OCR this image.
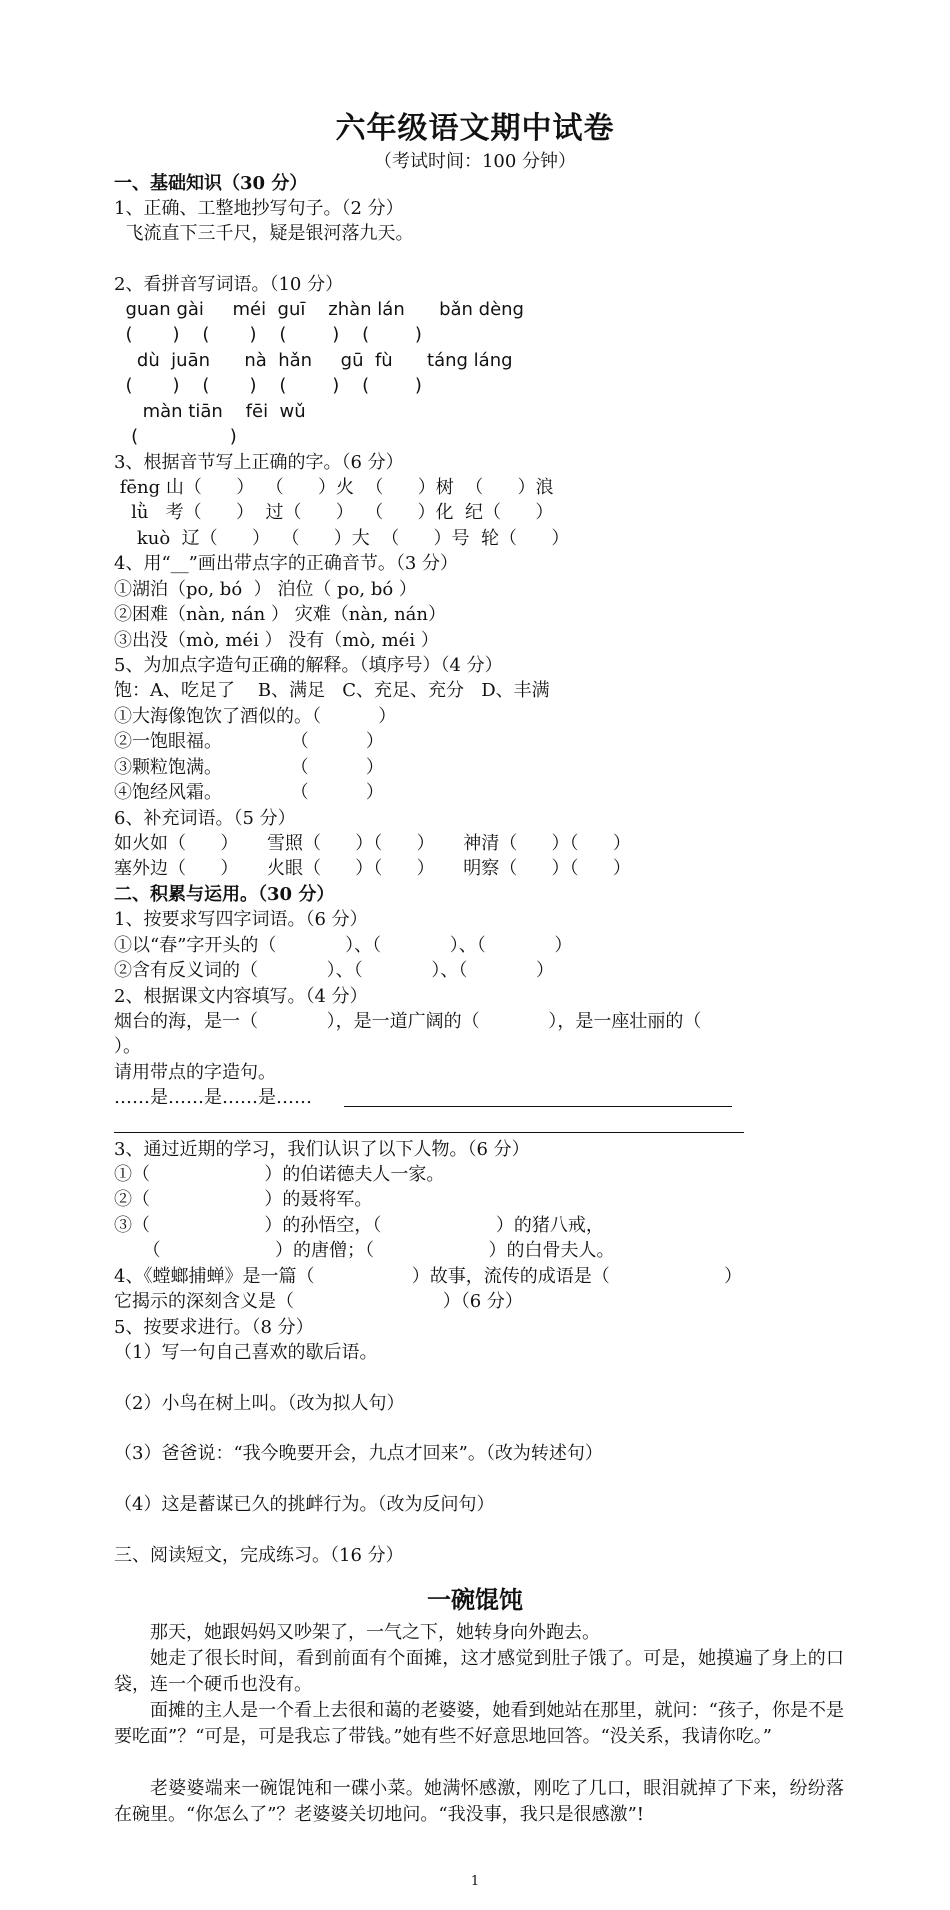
六年级语文期中试卷
（考试时间：100 分钟）
一、基础知识（30 分）
1、正确、工整地抄写句子。（2 分）
飞流直下三千尺，疑是银河落九天。
2、看拼音写词语。（10 分）
guan gài     méi  guī    zhàn lán      bǎn dèng
(       )    (       )    (        )    (        )
dù  juān      nà  hǎn     gū  fù      táng láng
(       )    (       )    (        )    (        )
màn tiān    fēi  wǔ
(                )
3、根据音节写上正确的字。（6 分）
fēng 山（      ）  （      ）火  （      ）树  （      ）浪
lǜ   考（      ）  过（      ）  （      ）化  纪（      ）
kuò  辽（      ）  （      ）大  （      ）号  轮（      ）
4、用“__”画出带点字的正确音节。（3 分）
①湖泊（po, bó  ） 泊位（ po, bó ）
②困难（nàn, nán ） 灾难（nàn, nán）
③出没（mò, méi ） 没有（mò, méi ）
5、为加点字造句正确的解释。（填序号）（4 分）
饱：A、吃足了    B、满足   C、充足、充分   D、丰满
①大海像饱饮了酒似的。（          ）
②一饱眼福。            （          ）
③颗粒饱满。            （          ）
④饱经风霜。            （          ）
6、补充词语。（5 分）
如火如（      ）     雪照（      ）（      ）     神清（      ）（      ）
塞外边（      ）     火眼（      ）（      ）     明察（      ）（      ）
二、积累与运用。（30 分）
1、按要求写四字词语。（6 分）
①以“春”字开头的（            ）、（            ）、（            ）
②含有反义词的（            ）、（            ）、（            ）
2、根据课文内容填写。（4 分）
烟台的海，是一（            ），是一道广阔的（            ），是一座壮丽的（
）。
请用带点的字造句。
……是……是……是……
3、通过近期的学习，我们认识了以下人物。（6 分）
①（                    ）的伯诺德夫人一家。
②（                    ）的聂将军。
③（                    ）的孙悟空，（                    ）的猪八戒，
（                    ）的唐僧；（                    ）的白骨夫人。
4、《螳螂捕蝉》是一篇（                 ）故事，流传的成语是（                    ）
它揭示的深刻含义是（                          ）（6 分）
5、按要求进行。（8 分）
（1）写一句自己喜欢的歇后语。
（2）小鸟在树上叫。（改为拟人句）
（3）爸爸说：“我今晚要开会，九点才回来”。（改为转述句）
（4）这是蓄谋已久的挑衅行为。（改为反问句）
三、阅读短文，完成练习。（16 分）
一碗馄饨
那天，她跟妈妈又吵架了，一气之下，她转身向外跑去。
她走了很长时间，看到前面有个面摊，这才感觉到肚子饿了。可是，她摸遍了身上的口袋，连一个硬币也没有。
面摊的主人是一个看上去很和蔼的老婆婆，她看到她站在那里，就问：“孩子，你是不是要吃面”？“可是，可是我忘了带钱。”她有些不好意思地回答。“没关系，我请你吃。”
老婆婆端来一碗馄饨和一碟小菜。她满怀感激，刚吃了几口，眼泪就掉了下来，纷纷落在碗里。“你怎么了”？老婆婆关切地问。“我没事，我只是很感激”!
1
